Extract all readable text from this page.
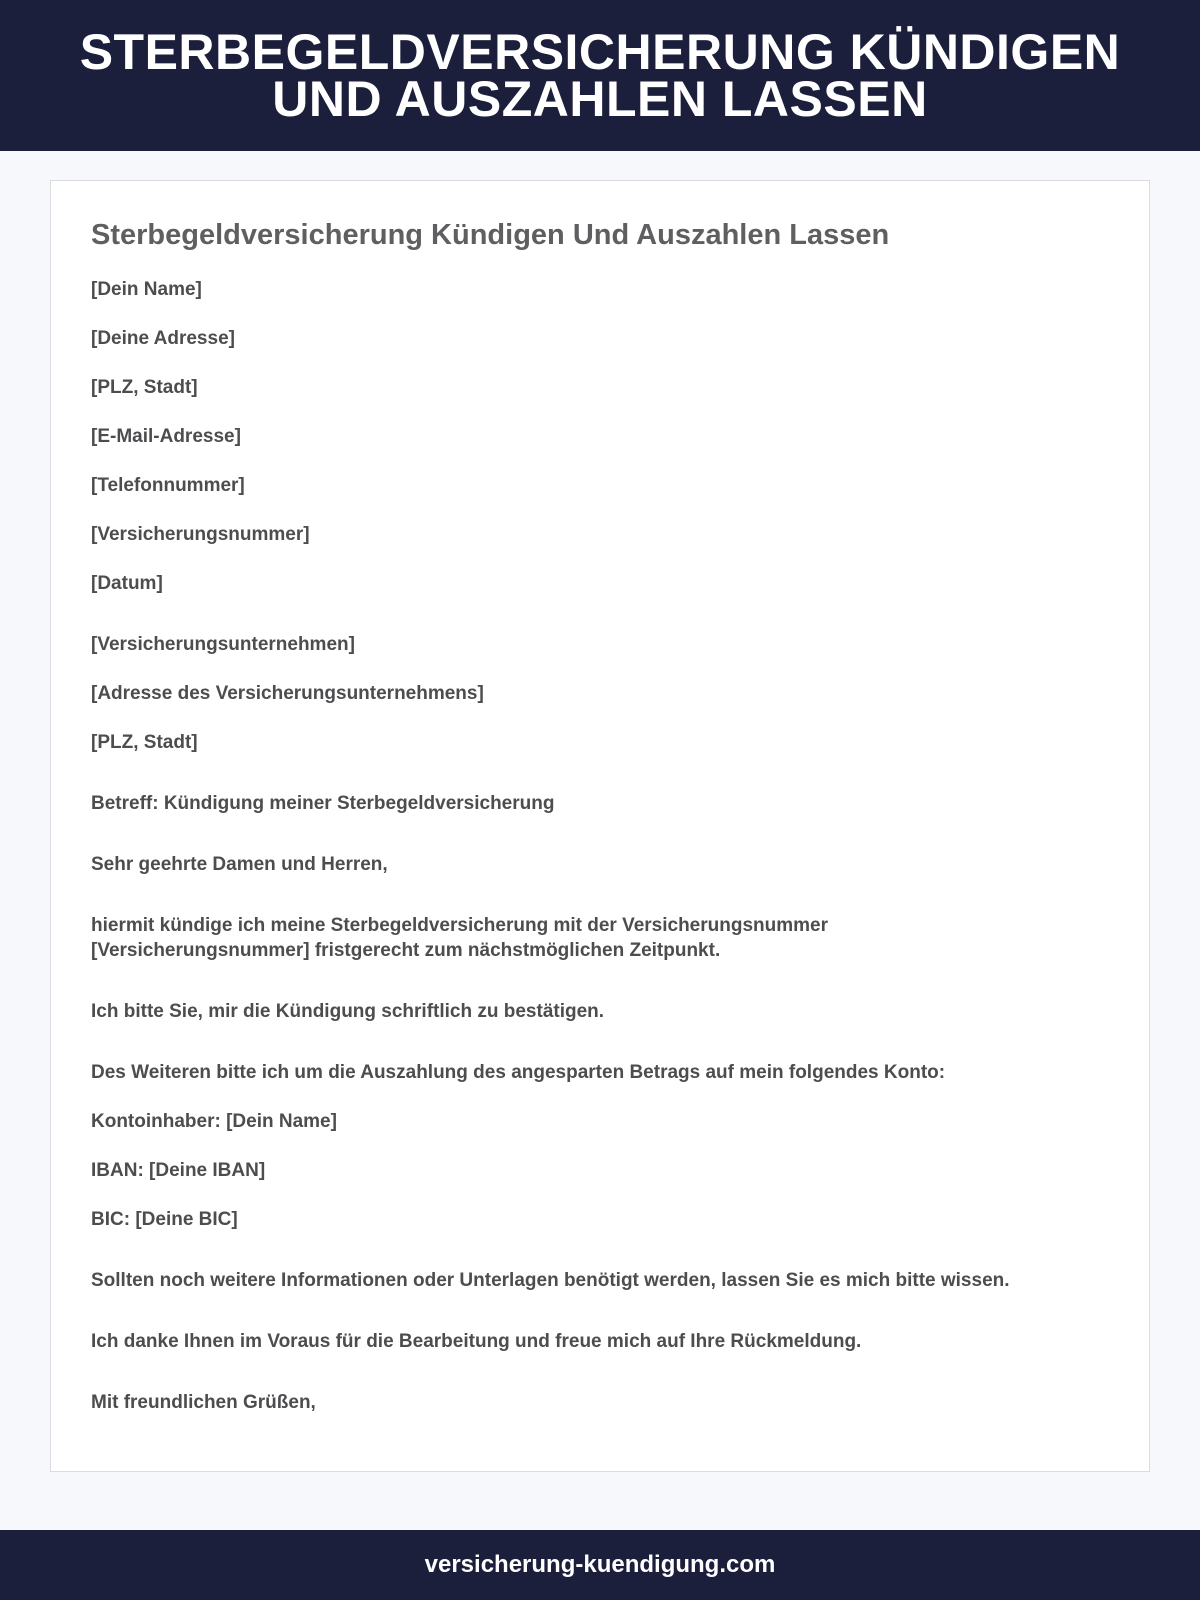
STERBEGELDVERSICHERUNG KÜNDIGEN
UND AUSZAHLEN LASSEN
Sterbegeldversicherung Kündigen Und Auszahlen Lassen

[Dein Name]

[Deine Adresse]

[PLZ, Stadt]

[E-Mail-Adresse]

[Telefonnummer]

[Versicherungsnummer]

[Datum]

[Versicherungsunternehmen]

[Adresse des Versicherungsunternehmens]

[PLZ, Stadt]

Betreff: Kündigung meiner Sterbegeldversicherung

Sehr geehrte Damen und Herren,

hiermit kündige ich meine Sterbegeldversicherung mit der Versicherungsnummer
[Versicherungsnummer] fristgerecht zum nächstmöglichen Zeitpunkt.

Ich bitte Sie, mir die Kündigung schriftlich zu bestätigen.

Des Weiteren bitte ich um die Auszahlung des angesparten Betrags auf mein folgendes Konto:

Kontoinhaber: [Dein Name]

IBAN: [Deine IBAN]

BIC: [Deine BIC]

Sollten noch weitere Informationen oder Unterlagen benötigt werden, lassen Sie es mich bitte wissen.

Ich danke Ihnen im Voraus für die Bearbeitung und freue mich auf Ihre Rückmeldung.

Mit freundlichen Grüßen,

versicherung-kuendigung.com
